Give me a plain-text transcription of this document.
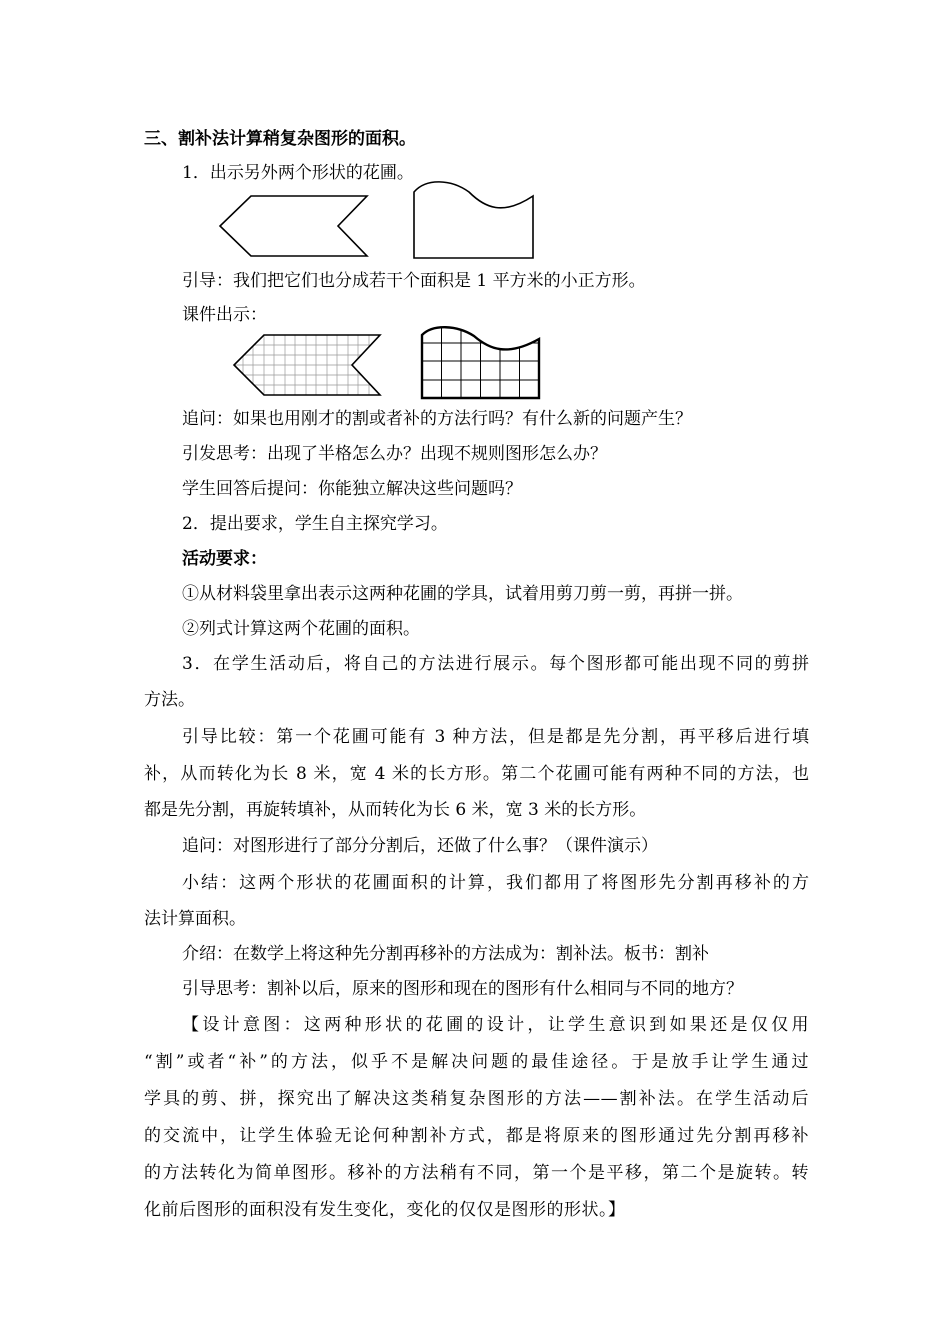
三、割补法计算稍复杂图形的面积。
1．出示另外两个形状的花圃。
引导：我们把它们也分成若干个面积是 1 平方米的小正方形。
课件出示：
追问：如果也用刚才的割或者补的方法行吗？有什么新的问题产生？
引发思考：出现了半格怎么办？出现不规则图形怎么办？
学生回答后提问：你能独立解决这些问题吗？
2．提出要求，学生自主探究学习。
活动要求：
①从材料袋里拿出表示这两种花圃的学具，试着用剪刀剪一剪，再拼一拼。
②列式计算这两个花圃的面积。
3．在学生活动后，将自己的方法进行展示。每个图形都可能出现不同的剪拼
方法。
引导比较：第一个花圃可能有 3 种方法，但是都是先分割，再平移后进行填
补，从而转化为长 8 米，宽 4 米的长方形。第二个花圃可能有两种不同的方法，也
都是先分割，再旋转填补，从而转化为长 6 米，宽 3 米的长方形。
追问：对图形进行了部分分割后，还做了什么事？（课件演示）
小结：这两个形状的花圃面积的计算，我们都用了将图形先分割再移补的方
法计算面积。
介绍：在数学上将这种先分割再移补的方法成为：割补法。板书：割补
引导思考：割补以后，原来的图形和现在的图形有什么相同与不同的地方？
【设计意图：这两种形状的花圃的设计，让学生意识到如果还是仅仅用
“割”或者“补”的方法，似乎不是解决问题的最佳途径。于是放手让学生通过
学具的剪、拼，探究出了解决这类稍复杂图形的方法——割补法。在学生活动后
的交流中，让学生体验无论何种割补方式，都是将原来的图形通过先分割再移补
的方法转化为简单图形。移补的方法稍有不同，第一个是平移，第二个是旋转。转
化前后图形的面积没有发生变化，变化的仅仅是图形的形状。】
